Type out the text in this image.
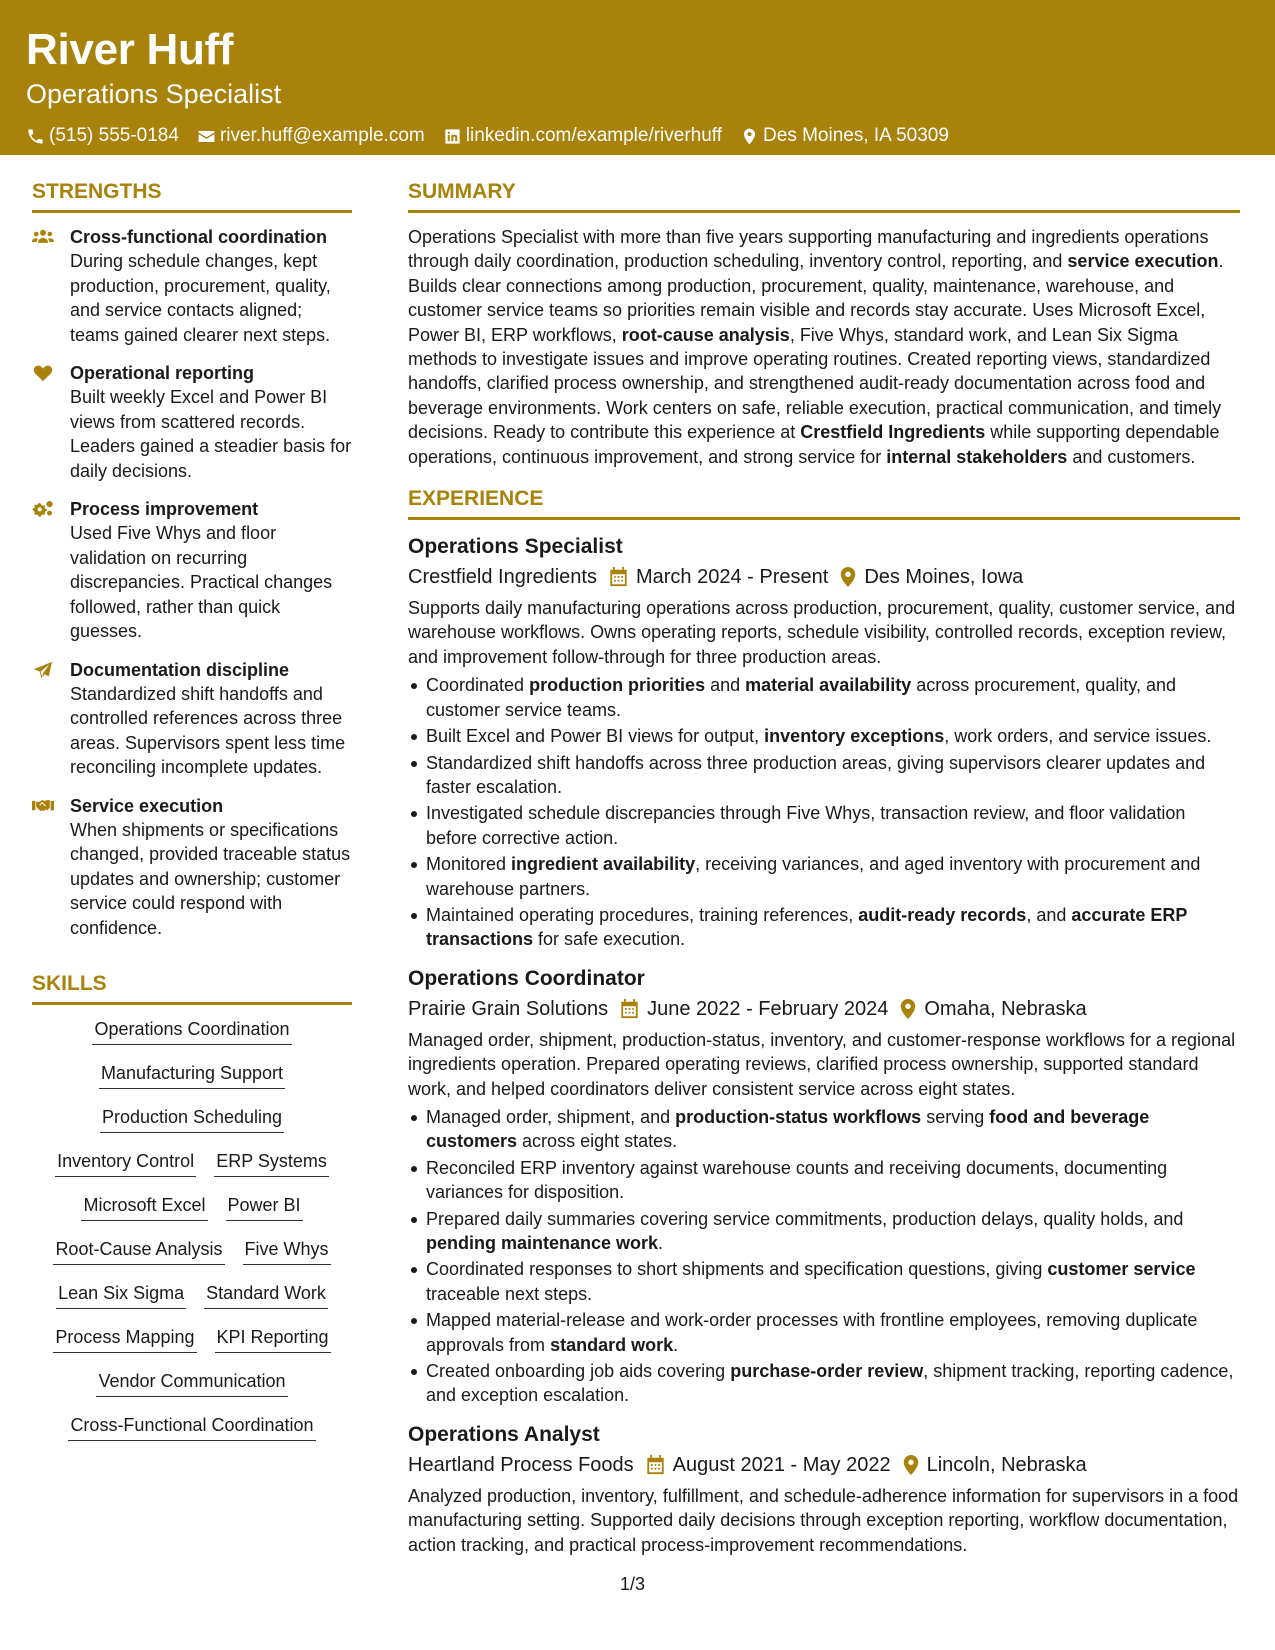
River Huff
Operations Specialist
(515) 555-0184 river.huff@example.com linkedin.com/example/riverhuff Des Moines, IA 50309
STRENGTHS
Cross-functional coordination
During schedule changes, kept production, procurement, quality, and service contacts aligned; teams gained clearer next steps.
Operational reporting
Built weekly Excel and Power BI views from scattered records. Leaders gained a steadier basis for daily decisions.
Process improvement
Used Five Whys and floor validation on recurring discrepancies. Practical changes followed, rather than quick guesses.
Documentation discipline
Standardized shift handoffs and controlled references across three areas. Supervisors spent less time reconciling incomplete updates.
Service execution
When shipments or specifications changed, provided traceable status updates and ownership; customer service could respond with confidence.
SKILLS
Operations Coordination
Manufacturing Support
Production Scheduling
Inventory Control ERP Systems
Microsoft Excel Power BI
Root-Cause Analysis Five Whys
Lean Six Sigma Standard Work
Process Mapping KPI Reporting
Vendor Communication
Cross-Functional Coordination
SUMMARY

Operations Specialist with more than five years supporting manufacturing and ingredients operations through daily coordination, production scheduling, inventory control, reporting, and service execution. Builds clear connections among production, procurement, quality, maintenance, warehouse, and customer service teams so priorities remain visible and records stay accurate. Uses Microsoft Excel, Power BI, ERP workflows, root-cause analysis, Five Whys, standard work, and Lean Six Sigma methods to investigate issues and improve operating routines. Created reporting views, standardized handoffs, clarified process ownership, and strengthened audit-ready documentation across food and beverage environments. Work centers on safe, reliable execution, practical communication, and timely decisions. Ready to contribute this experience at Crestfield Ingredients while supporting dependable operations, continuous improvement, and strong service for internal stakeholders and customers.

EXPERIENCE
Operations Specialist
Crestfield Ingredients March 2024 - Present Des Moines, Iowa
Supports daily manufacturing operations across production, procurement, quality, customer service, and warehouse workflows. Owns operating reports, schedule visibility, controlled records, exception review, and improvement follow-through for three production areas.
Coordinated production priorities and material availability across procurement, quality, and customer service teams.
Built Excel and Power BI views for output, inventory exceptions, work orders, and service issues.
Standardized shift handoffs across three production areas, giving supervisors clearer updates and faster escalation.
Investigated schedule discrepancies through Five Whys, transaction review, and floor validation before corrective action.
Monitored ingredient availability, receiving variances, and aged inventory with procurement and warehouse partners.
Maintained operating procedures, training references, audit-ready records, and accurate ERP transactions for safe execution.
Operations Coordinator
Prairie Grain Solutions June 2022 - February 2024 Omaha, Nebraska
Managed order, shipment, production-status, inventory, and customer-response workflows for a regional ingredients operation. Prepared operating reviews, clarified process ownership, supported standard work, and helped coordinators deliver consistent service across eight states.
Managed order, shipment, and production-status workflows serving food and beverage customers across eight states.
Reconciled ERP inventory against warehouse counts and receiving documents, documenting variances for disposition.
Prepared daily summaries covering service commitments, production delays, quality holds, and pending maintenance work.
Coordinated responses to short shipments and specification questions, giving customer service traceable next steps.
Mapped material-release and work-order processes with frontline employees, removing duplicate approvals from standard work.
Created onboarding job aids covering purchase-order review, shipment tracking, reporting cadence, and exception escalation.
Operations Analyst
Heartland Process Foods August 2021 - May 2022 Lincoln, Nebraska
Analyzed production, inventory, fulfillment, and schedule-adherence information for supervisors in a food manufacturing setting. Supported daily decisions through exception reporting, workflow documentation, action tracking, and practical process-improvement recommendations.
1/3
